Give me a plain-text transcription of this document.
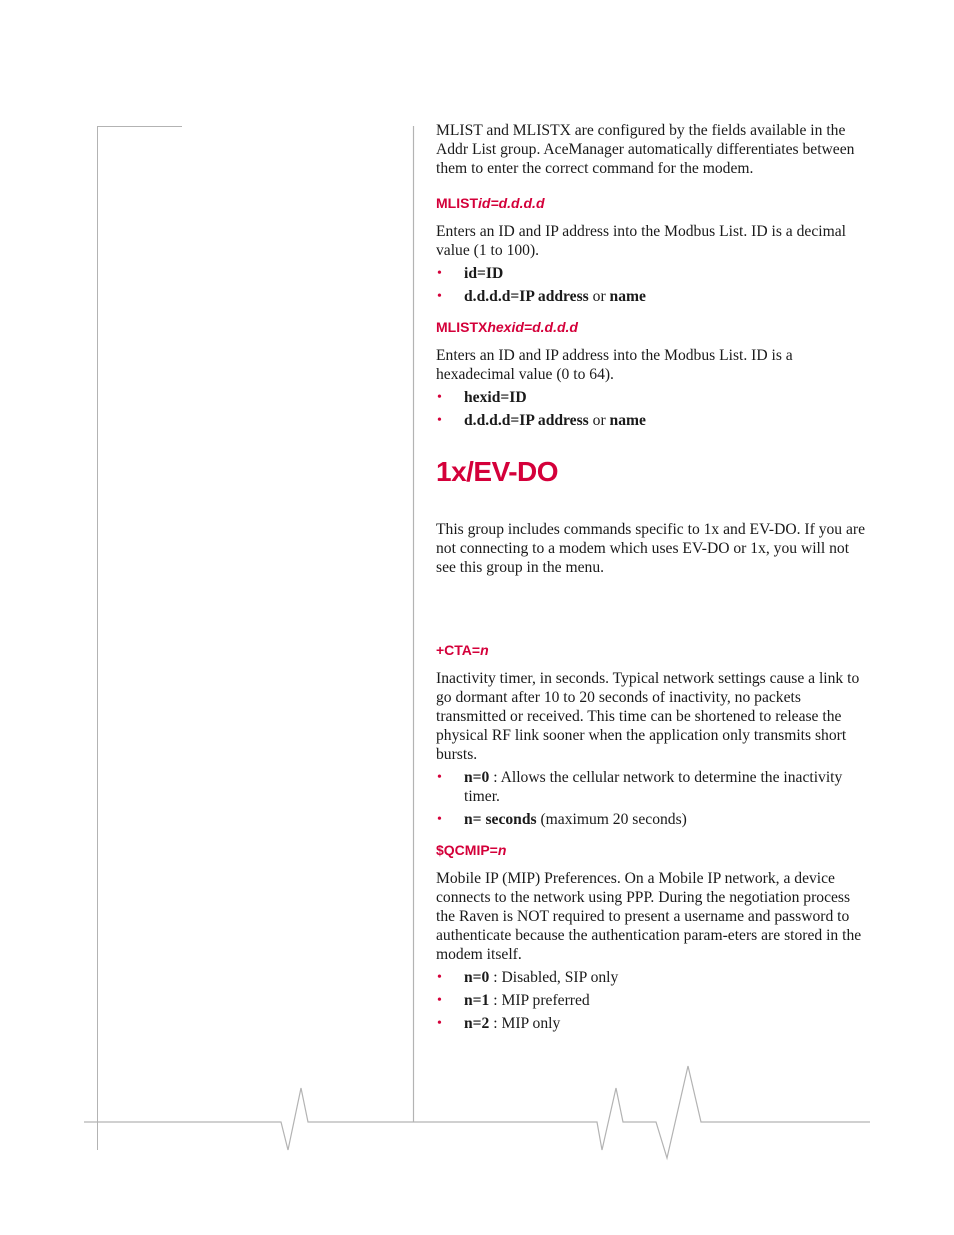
MLIST and MLISTX are configured by the fields available in the Addr List group. AceManager automatically differentiates between them to enter the correct command for the modem.

MLISTid=d.d.d.d

Enters an ID and IP address into the Modbus List. ID is a decimal value (1 to 100).

• id=ID
• d.d.d.d=IP address or name
MLISTXhexid=d.d.d.d

Enters an ID and IP address into the Modbus List. ID is a hexadecimal value (0 to 64).

• hexid=ID
• d.d.d.d=IP address or name
1x/EV-DO

This group includes commands specific to 1x and EV-DO. If you are not connecting to a modem which uses EV-DO or 1x, you will not see this group in the menu.

+CTA=n

Inactivity timer, in seconds. Typical network settings cause a link to go dormant after 10 to 20 seconds of inactivity, no packets transmitted or received. This time can be shortened to release the physical RF link sooner when the application only transmits short bursts.

• n=0 : Allows the cellular network to determine the inactivity timer.
• n= seconds (maximum 20 seconds)
$QCMIP=n

Mobile IP (MIP) Preferences. On a Mobile IP network, a device connects to the network using PPP. During the negotiation process the Raven is NOT required to present a username and password to authenticate because the authentication param-eters are stored in the modem itself.

• n=0 : Disabled, SIP only
• n=1 : MIP preferred
• n=2 : MIP only
